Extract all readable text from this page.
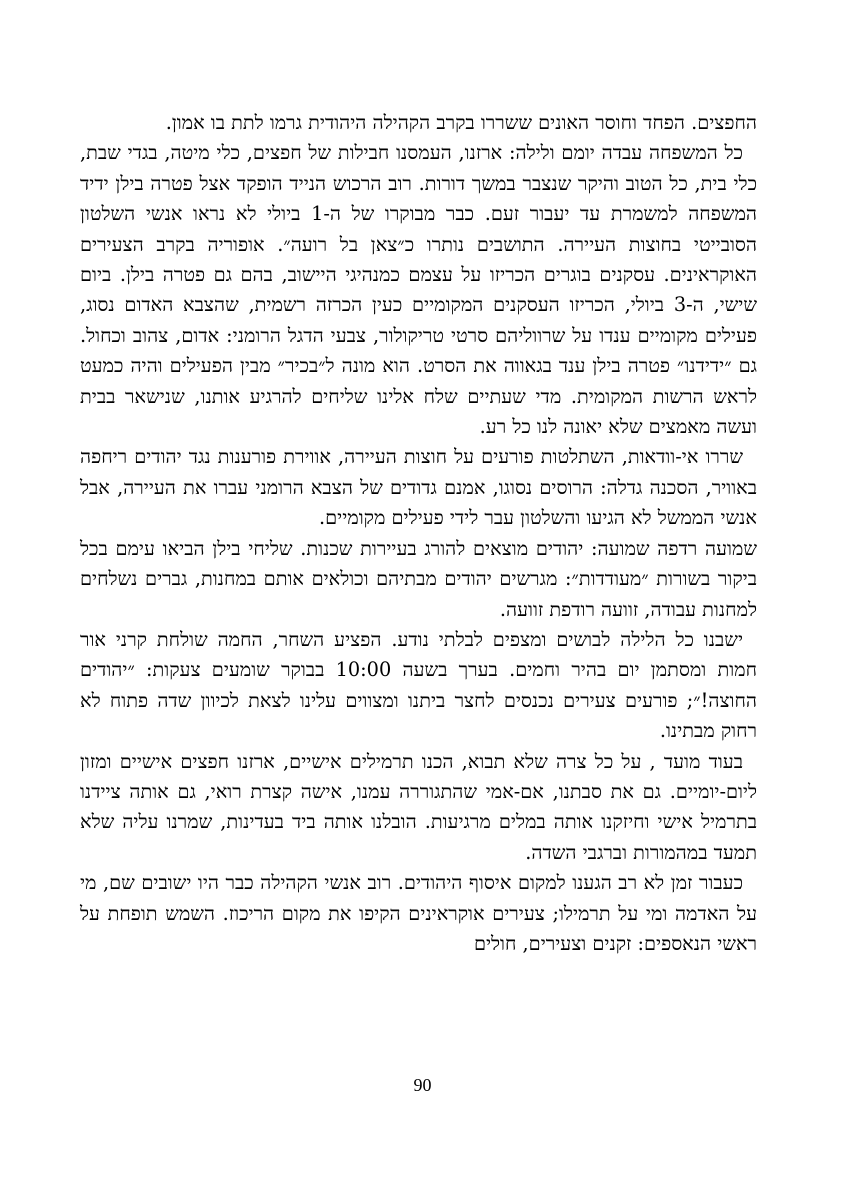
החפצים. הפחד וחוסר האונים ששררו בקרב הקהילה היהודית גרמו לתת בו אמון.

כל המשפחה עבדה יומם ולילה: ארזנו, העמסנו חבילות של חפצים, כלי מיטה, בגדי שבת, כלי בית, כל הטוב והיקר שנצבר במשך דורות. רוב הרכוש הנייד הופקד אצל פטרה בילן ידיד המשפחה למשמרת עד יעבור זעם. כבר מבוקרו של ה-1 ביולי לא נראו אנשי השלטון הסובייטי בחוצות העיירה. התושבים נותרו כ״צאן בל רועה״. אופוריה בקרב הצעירים האוקראינים. עסקנים בוגרים הכריזו על עצמם כמנהיגי היישוב, בהם גם פטרה בילן. ביום שישי, ה-3 ביולי, הכריזו העסקנים המקומיים כעין הכרזה רשמית, שהצבא האדום נסוג, פעילים מקומיים ענדו על שרווליהם סרטי טריקולור, צבעי הדגל הרומני: אדום, צהוב וכחול. גם ״ידידנו״ פטרה בילן ענד בגאווה את הסרט. הוא מונה ל״בכיר״ מבין הפעילים והיה כמעט לראש הרשות המקומית. מדי שעתיים שלח אלינו שליחים להרגיע אותנו, שנישאר בבית ועשה מאמצים שלא יאונה לנו כל רע.

שררו אי-וודאות, השתלטות פורעים על חוצות העיירה, אווירת פורענות נגד יהודים ריחפה באוויר, הסכנה גדלה: הרוסים נסוגו, אמנם גדודים של הצבא הרומני עברו את העיירה, אבל אנשי הממשל לא הגיעו והשלטון עבר לידי פעילים מקומיים.

שמועה רדפה שמועה: יהודים מוצאים להורג בעיירות שכנות. שליחי בילן הביאו עימם בכל ביקור בשורות ״מעודדות״: מגרשים יהודים מבתיהם וכולאים אותם במחנות, גברים נשלחים למחנות עבודה, זוועה רודפת זוועה.

ישבנו כל הלילה לבושים ומצפים לבלתי נודע. הפציע השחר, החמה שולחת קרני אור חמות ומסתמן יום בהיר וחמים. בערך בשעה 10:00 בבוקר שומעים צעקות: ״יהודים החוצה!״; פורעים צעירים נכנסים לחצר ביתנו ומצווים עלינו לצאת לכיוון שדה פתוח לא רחוק מבתינו.

בעוד מועד , על כל צרה שלא תבוא, הכנו תרמילים אישיים, ארזנו חפצים אישיים ומזון ליום-יומיים. גם את סבתנו, אם-אמי שהתגוררה עמנו, אישה קצרת רואי, גם אותה ציידנו בתרמיל אישי וחיזקנו אותה במלים מרגיעות. הובלנו אותה ביד בעדינות, שמרנו עליה שלא תמעד במהמורות וברגבי השדה.

כעבור זמן לא רב הגענו למקום איסוף היהודים. רוב אנשי הקהילה כבר היו ישובים שם, מי על האדמה ומי על תרמילו; צעירים אוקראינים הקיפו את מקום הריכוז. השמש תופחת על ראשי הנאספים: זקנים וצעירים, חולים

90
